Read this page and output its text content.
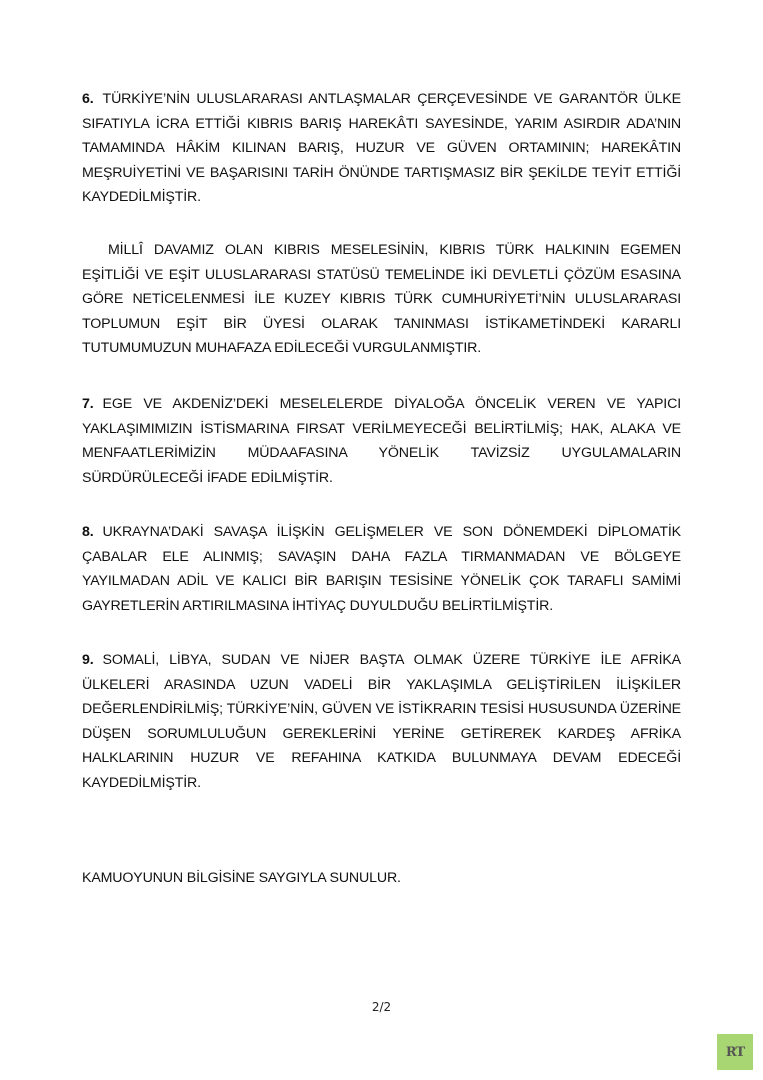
6. TÜRKİYE’NİN ULUSLARARASI ANTLAŞMALAR ÇERÇEVESİNDE VE GARANTÖR ÜLKE SIFATIYLA İCRA ETTİĞİ KIBRIS BARIŞ HAREKÂTI SAYESİNDE, YARIM ASIRDIR ADA’NIN TAMAMINDA HÂKİM KILINAN BARIŞ, HUZUR VE GÜVEN ORTAMININ; HAREKÂTIN MEŞRUİYETİNİ VE BAŞARISINI TARİH ÖNÜNDE TARTIŞMASIZ BİR ŞEKİLDE TEYİT ETTİĞİ KAYDEDİLMİŞTİR.

MİLLÎ DAVAMIZ OLAN KIBRIS MESELESİNİN, KIBRIS TÜRK HALKININ EGEMEN EŞİTLİĞİ VE EŞİT ULUSLARARASI STATÜSÜ TEMELİNDE İKİ DEVLETLİ ÇÖZÜM ESASINA GÖRE NETİCELENMESİ İLE KUZEY KIBRIS TÜRK CUMHURİYETİ’NİN ULUSLARARASI TOPLUMUN EŞİT BİR ÜYESİ OLARAK TANINMASI İSTİKAMETİNDEKİ KARARLI TUTUMUMUZUN MUHAFAZA EDİLECEĞİ VURGULANMIŞTIR.

7. EGE VE AKDENİZ’DEKİ MESELELERDE DİYALOĞA ÖNCELİK VEREN VE YAPICI YAKLAŞIMIMIZIN İSTİSMARINA FIRSAT VERİLMEYECEĞİ BELİRTİLMİŞ; HAK, ALAKA VE MENFAATLERİMİZİN MÜDAAFASINA YÖNELİK TAVİZSİZ UYGULAMALARIN SÜRDÜRÜLECEĞİ İFADE EDİLMİŞTİR.

8. UKRAYNA’DAKİ SAVAŞA İLİŞKİN GELİŞMELER VE SON DÖNEMDEKİ DİPLOMATİK ÇABALAR ELE ALINMIŞ; SAVAŞIN DAHA FAZLA TIRMANMADAN VE BÖLGEYE YAYILMADAN ADİL VE KALICI BİR BARIŞIN TESİSİNE YÖNELİK ÇOK TARAFLI SAMİMİ GAYRETLERİN ARTIRILMASINA İHTİYAÇ DUYULDUĞU BELİRTİLMİŞTİR.

9. SOMALİ, LİBYA, SUDAN VE NİJER BAŞTA OLMAK ÜZERE TÜRKİYE İLE AFRİKA ÜLKELERİ ARASINDA UZUN VADELİ BİR YAKLAŞIMLA GELİŞTİRİLEN İLİŞKİLER DEĞERLENDİRİLMİŞ; TÜRKİYE’NİN, GÜVEN VE İSTİKRARIN TESİSİ HUSUSUNDA ÜZERİNE DÜŞEN SORUMLULUĞUN GEREKLERİNİ YERİNE GETİREREK KARDEŞ AFRİKA HALKLARININ HUZUR VE REFAHINA KATKIDA BULUNMAYA DEVAM EDECEĞİ KAYDEDİLMİŞTİR.

KAMUOYUNUN BİLGİSİNE SAYGIYLA SUNULUR.

2/2
RT
